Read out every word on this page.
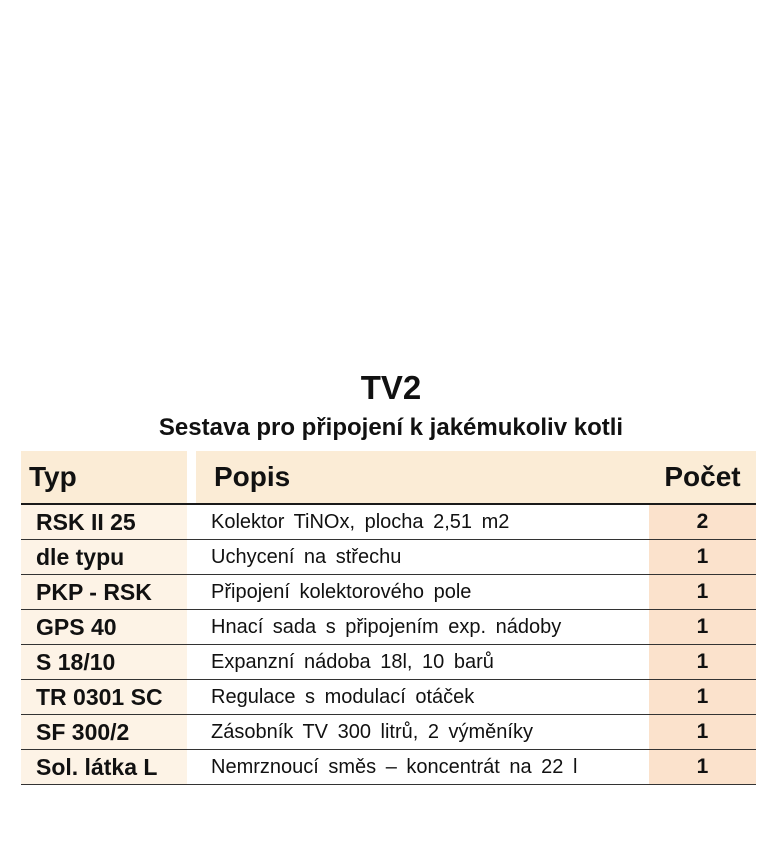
TV2
Sestava pro připojení k jakémukoliv kotli
Typ	Popis	Počet
RSK II 25	Kolektor TiNOx, plocha 2,51 m2	2
dle typu	Uchycení na střechu	1
PKP - RSK	Připojení kolektorového pole	1
GPS 40	Hnací sada s připojením exp. nádoby	1
S 18/10	Expanzní nádoba 18l, 10 barů	1
TR 0301 SC	Regulace s modulací otáček	1
SF 300/2	Zásobník TV 300 litrů, 2 výměníky	1
Sol. látka L	Nemrznoucí směs – koncentrát na 22 l	1
